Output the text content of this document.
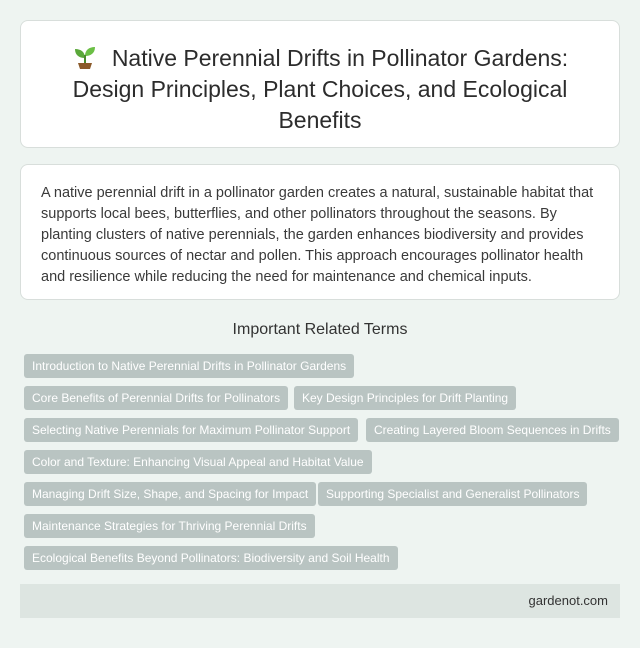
Native Perennial Drifts in Pollinator Gardens: Design Principles, Plant Choices, and Ecological Benefits

A native perennial drift in a pollinator garden creates a natural, sustainable habitat that supports local bees, butterflies, and other pollinators throughout the seasons. By planting clusters of native perennials, the garden enhances biodiversity and provides continuous sources of nectar and pollen. This approach encourages pollinator health and resilience while reducing the need for maintenance and chemical inputs.

Important Related Terms
Introduction to Native Perennial Drifts in Pollinator Gardens
Core Benefits of Perennial Drifts for Pollinators	Key Design Principles for Drift Planting
Selecting Native Perennials for Maximum Pollinator Support	Creating Layered Bloom Sequences in Drifts
Color and Texture: Enhancing Visual Appeal and Habitat Value
Managing Drift Size, Shape, and Spacing for Impact	Supporting Specialist and Generalist Pollinators
Maintenance Strategies for Thriving Perennial Drifts
Ecological Benefits Beyond Pollinators: Biodiversity and Soil Health
gardenot.com
